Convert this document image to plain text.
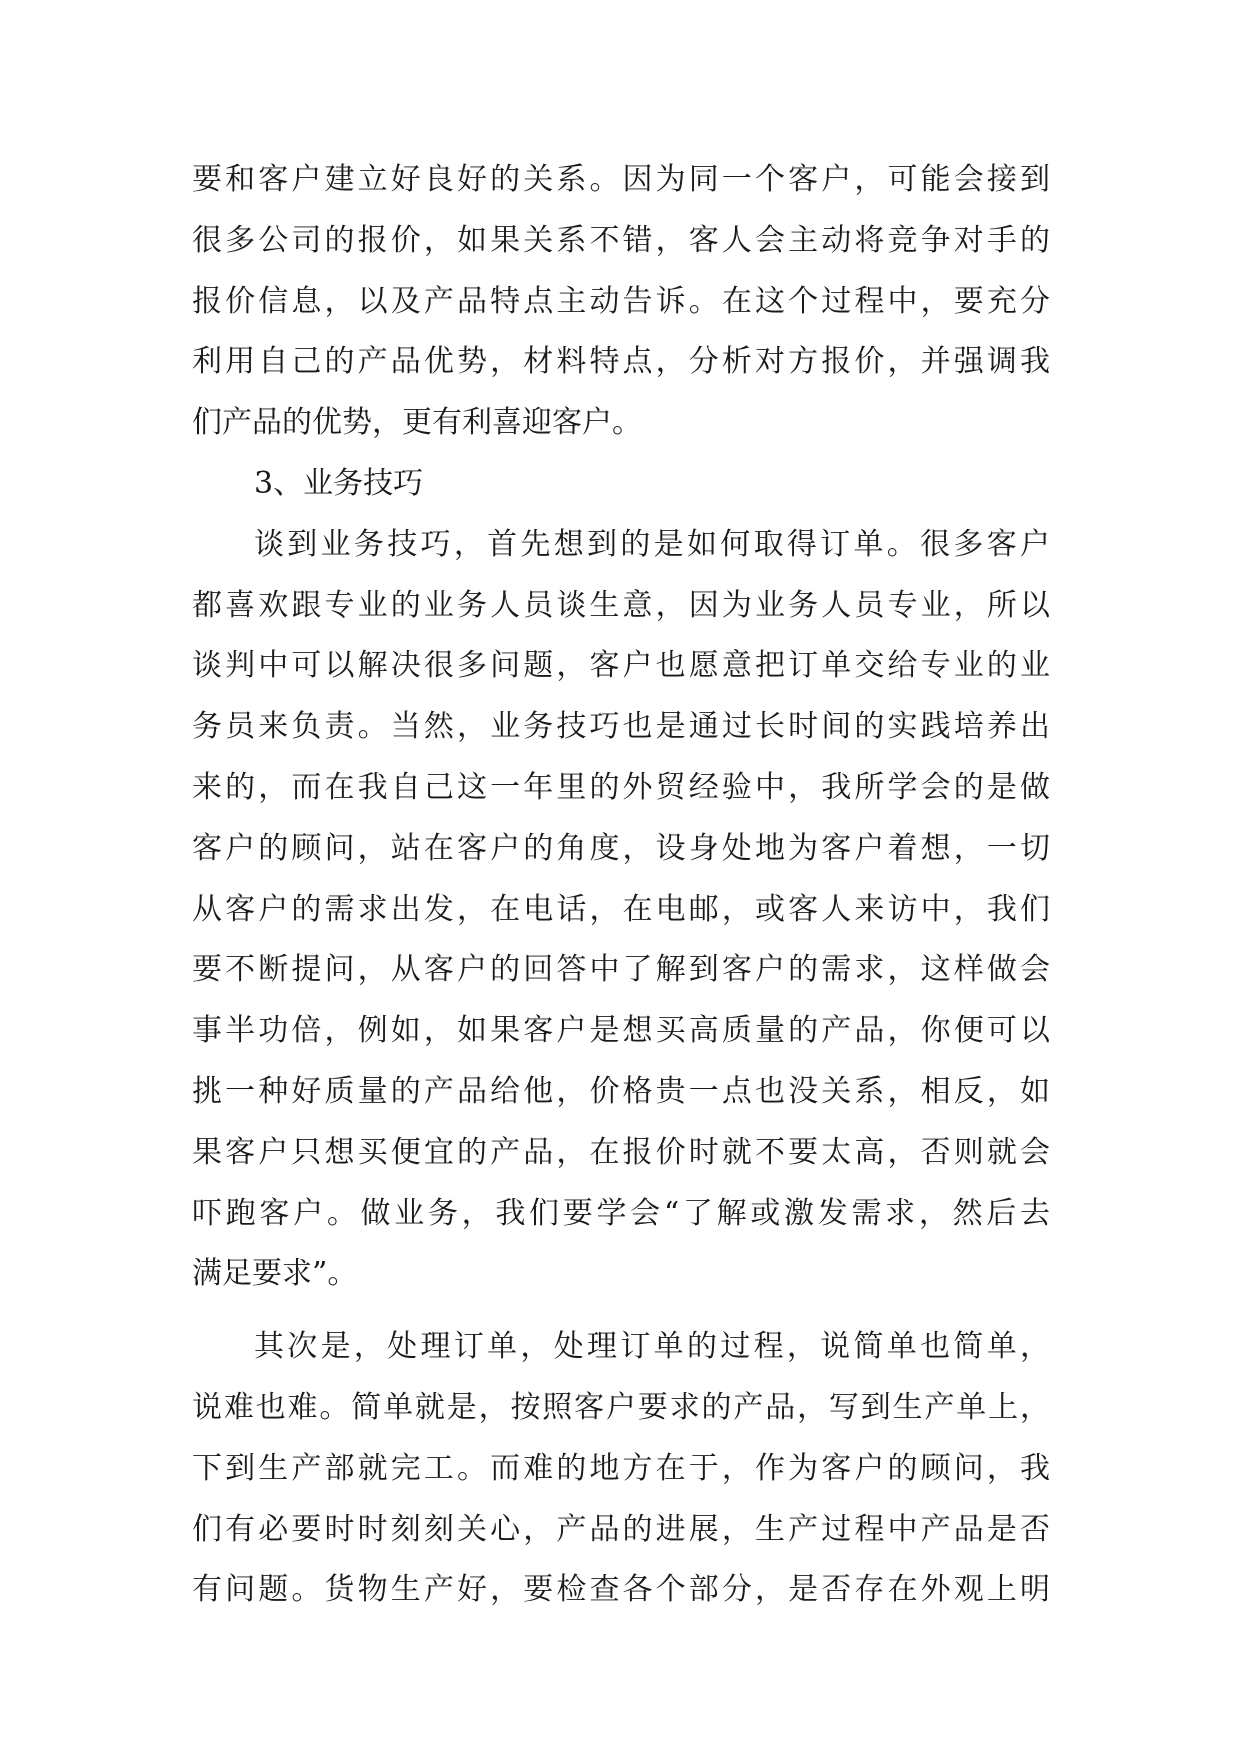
要和客户建立好良好的关系。因为同一个客户，可能会接到
很多公司的报价，如果关系不错，客人会主动将竞争对手的
报价信息，以及产品特点主动告诉。在这个过程中，要充分
利用自己的产品优势，材料特点，分析对方报价，并强调我
们产品的优势，更有利喜迎客户。

3、业务技巧

谈到业务技巧，首先想到的是如何取得订单。很多客户
都喜欢跟专业的业务人员谈生意，因为业务人员专业，所以
谈判中可以解决很多问题，客户也愿意把订单交给专业的业
务员来负责。当然，业务技巧也是通过长时间的实践培养出
来的，而在我自己这一年里的外贸经验中，我所学会的是做
客户的顾问，站在客户的角度，设身处地为客户着想，一切
从客户的需求出发，在电话，在电邮，或客人来访中，我们
要不断提问，从客户的回答中了解到客户的需求，这样做会
事半功倍，例如，如果客户是想买高质量的产品，你便可以
挑一种好质量的产品给他，价格贵一点也没关系，相反，如
果客户只想买便宜的产品，在报价时就不要太高，否则就会
吓跑客户。做业务，我们要学会“了解或激发需求，然后去
满足要求”。

其次是，处理订单，处理订单的过程，说简单也简单，
说难也难。简单就是，按照客户要求的产品，写到生产单上，
下到生产部就完工。而难的地方在于，作为客户的顾问，我
们有必要时时刻刻关心，产品的进展，生产过程中产品是否
有问题。货物生产好，要检查各个部分，是否存在外观上明
